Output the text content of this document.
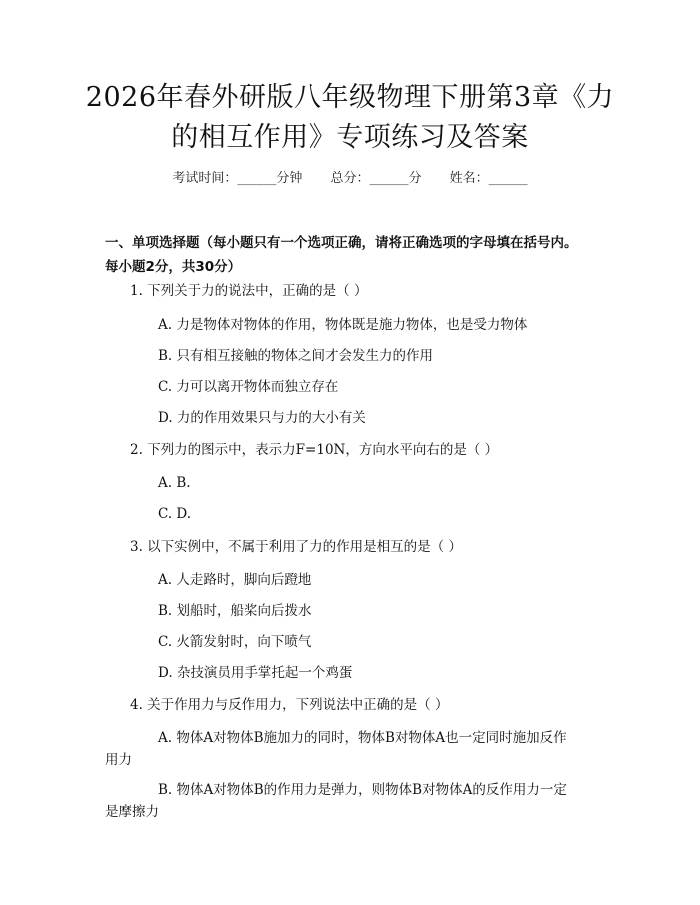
2026年春外研版八年级物理下册第3章《力
的相互作用》专项练习及答案
考试时间：______分钟 总分：______分 姓名：______
一、单项选择题（每小题只有一个选项正确，请将正确选项的字母填在括号内。
每小题2分，共30分）
1. 下列关于力的说法中，正确的是（ ）
A. 力是物体对物体的作用，物体既是施力物体，也是受力物体
B. 只有相互接触的物体之间才会发生力的作用
C. 力可以离开物体而独立存在
D. 力的作用效果只与力的大小有关
2. 下列力的图示中，表示力F=10N，方向水平向右的是（ ）
A. B.
C. D.
3. 以下实例中，不属于利用了力的作用是相互的是（ ）
A. 人走路时，脚向后蹬地
B. 划船时，船桨向后拨水
C. 火箭发射时，向下喷气
D. 杂技演员用手掌托起一个鸡蛋
4. 关于作用力与反作用力，下列说法中正确的是（ ）
A. 物体A对物体B施加力的同时，物体B对物体A也一定同时施加反作
用力
B. 物体A对物体B的作用力是弹力，则物体B对物体A的反作用力一定
是摩擦力
